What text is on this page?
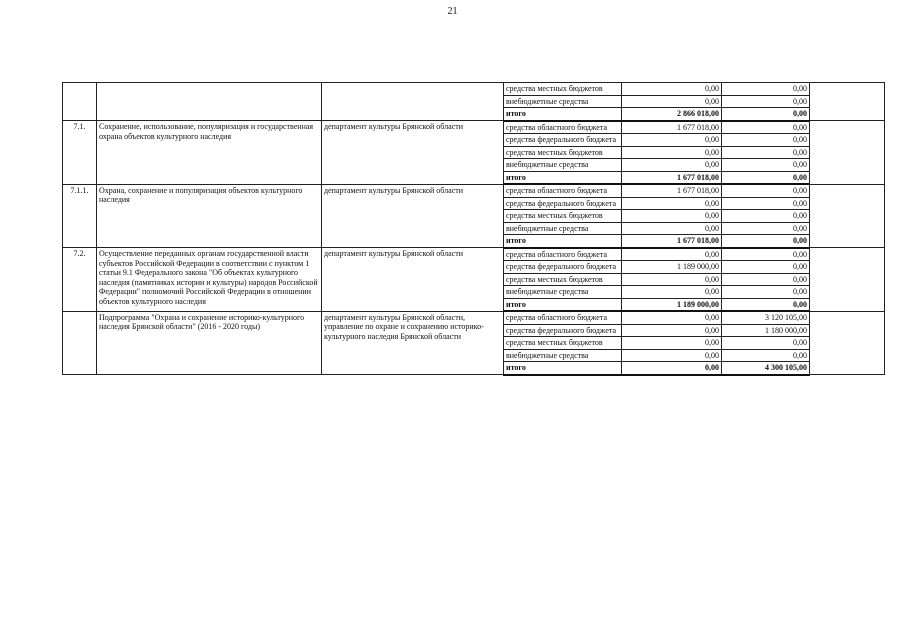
21
			средства местных бюджетов	0,00	0,00	
			внебюджетные средства	0,00	0,00	
			итого	2 866 018,00	0,00	
7.1.	Сохранение, использование, популяризация и государственная охрана объектов культурного наследия	департамент культуры Брянской области	средства областного бюджета	1 677 018,00	0,00	
			средства федерального бюджета	0,00	0,00	
			средства местных бюджетов	0,00	0,00	
			внебюджетные средства	0,00	0,00	
			итого	1 677 018,00	0,00	
7.1.1.	Охрана, сохранение и популяризация объектов культурного наследия	департамент культуры Брянской области	средства областного бюджета	1 677 018,00	0,00	
			средства федерального бюджета	0,00	0,00	
			средства местных бюджетов	0,00	0,00	
			внебюджетные средства	0,00	0,00	
			итого	1 677 018,00	0,00	
7.2.	Осуществление переданных органам государственной власти субъектов Российской Федерации в соответствии с пунктом 1 статьи 9.1 Федерального закона "Об объектах культурного наследия (памятниках истории и культуры) народов Российской Федерации" полномочий Российской Федерации в отношении объектов культурного наследия	департамент культуры Брянской области	средства областного бюджета	0,00	0,00	
			средства федерального бюджета	1 189 000,00	0,00	
			средства местных бюджетов	0,00	0,00	
			внебюджетные средства	0,00	0,00	
			итого	1 189 000,00	0,00	
	Подпрограмма "Охрана и сохранение историко-культурного наследия Брянской области" (2016 - 2020 годы)	департамент культуры Брянской области, управление по охране и сохранению историко-культурного наследия Брянской области	средства областного бюджета	0,00	3 120 105,00	
			средства федерального бюджета	0,00	1 180 000,00	
			средства местных бюджетов	0,00	0,00	
			внебюджетные средства	0,00	0,00	
			итого	0,00	4 300 105,00	
